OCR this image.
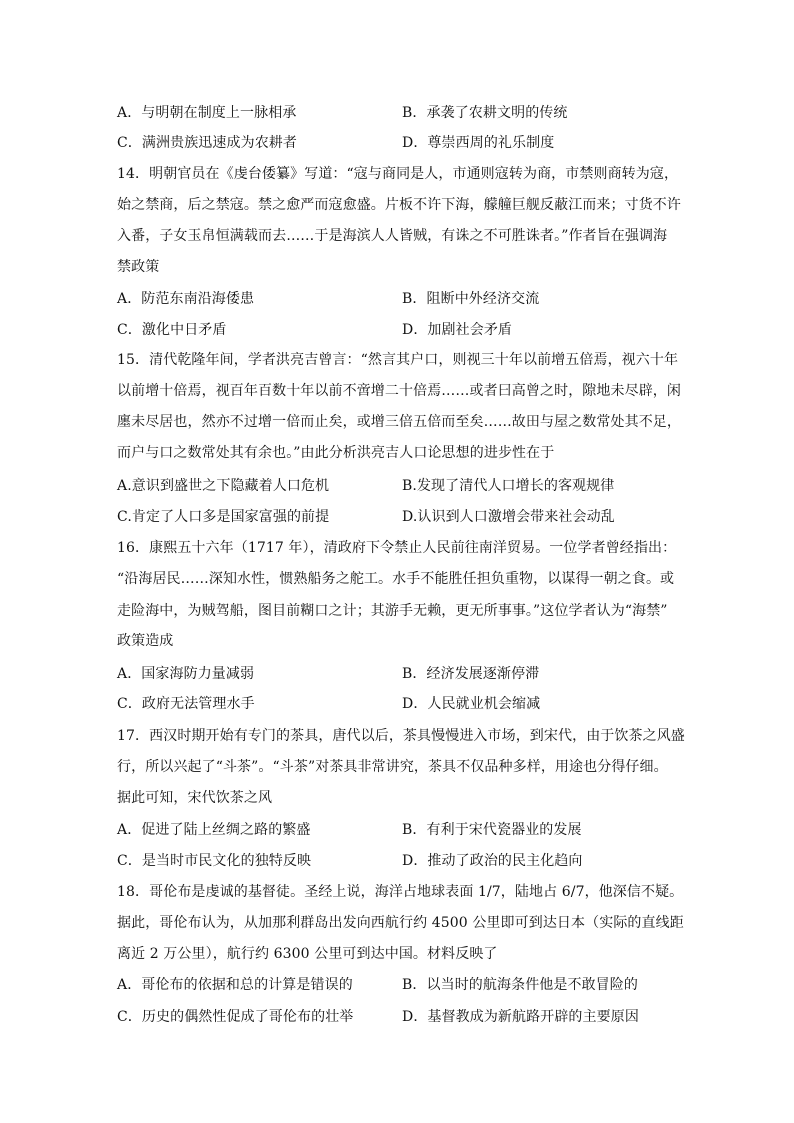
A．与明朝在制度上一脉相承	B．承袭了农耕文明的传统
C．满洲贵族迅速成为农耕者	D．尊崇西周的礼乐制度
14．明朝官员在《虔台倭纂》写道：“寇与商同是人，市通则寇转为商，市禁则商转为寇，
始之禁商，后之禁寇。禁之愈严而寇愈盛。片板不许下海，艨艟巨舰反蔽江而来；寸货不许
入番，子女玉帛恒满载而去……于是海滨人人皆贼，有诛之不可胜诛者。”作者旨在强调海
禁政策
A．防范东南沿海倭患	B．阻断中外经济交流
C．激化中日矛盾	D．加剧社会矛盾
15．清代乾隆年间，学者洪亮吉曾言：“然言其户口，则视三十年以前增五倍焉，视六十年
以前增十倍焉，视百年百数十年以前不啻增二十倍焉……或者曰高曾之时，隙地未尽辟，闲
廛未尽居也，然亦不过增一倍而止矣，或增三倍五倍而至矣……故田与屋之数常处其不足，
而户与口之数常处其有余也。”由此分析洪亮吉人口论思想的进步性在于
A.意识到盛世之下隐藏着人口危机	B.发现了清代人口增长的客观规律
C.肯定了人口多是国家富强的前提	D.认识到人口激增会带来社会动乱
16．康熙五十六年（1717 年），清政府下令禁止人民前往南洋贸易。一位学者曾经指出：
“沿海居民……深知水性，惯熟船务之舵工。水手不能胜任担负重物，以谋得一朝之食。或
走险海中，为贼驾船，图目前糊口之计；其游手无赖，更无所事事。”这位学者认为“海禁”
政策造成
A．国家海防力量减弱	B．经济发展逐渐停滞
C．政府无法管理水手	D．人民就业机会缩减
17．西汉时期开始有专门的茶具，唐代以后，茶具慢慢进入市场，到宋代，由于饮茶之风盛
行，所以兴起了“斗茶”。“斗茶”对茶具非常讲究，茶具不仅品种多样，用途也分得仔细。
据此可知，宋代饮茶之风
A．促进了陆上丝绸之路的繁盛	B．有利于宋代瓷器业的发展
C．是当时市民文化的独特反映	D．推动了政治的民主化趋向
18．哥伦布是虔诚的基督徒。圣经上说，海洋占地球表面 1/7，陆地占 6/7，他深信不疑。
据此，哥伦布认为，从加那利群岛出发向西航行约 4500 公里即可到达日本（实际的直线距
离近 2 万公里），航行约 6300 公里可到达中国。材料反映了
A．哥伦布的依据和总的计算是错误的	B．以当时的航海条件他是不敢冒险的
C．历史的偶然性促成了哥伦布的壮举	D．基督教成为新航路开辟的主要原因
